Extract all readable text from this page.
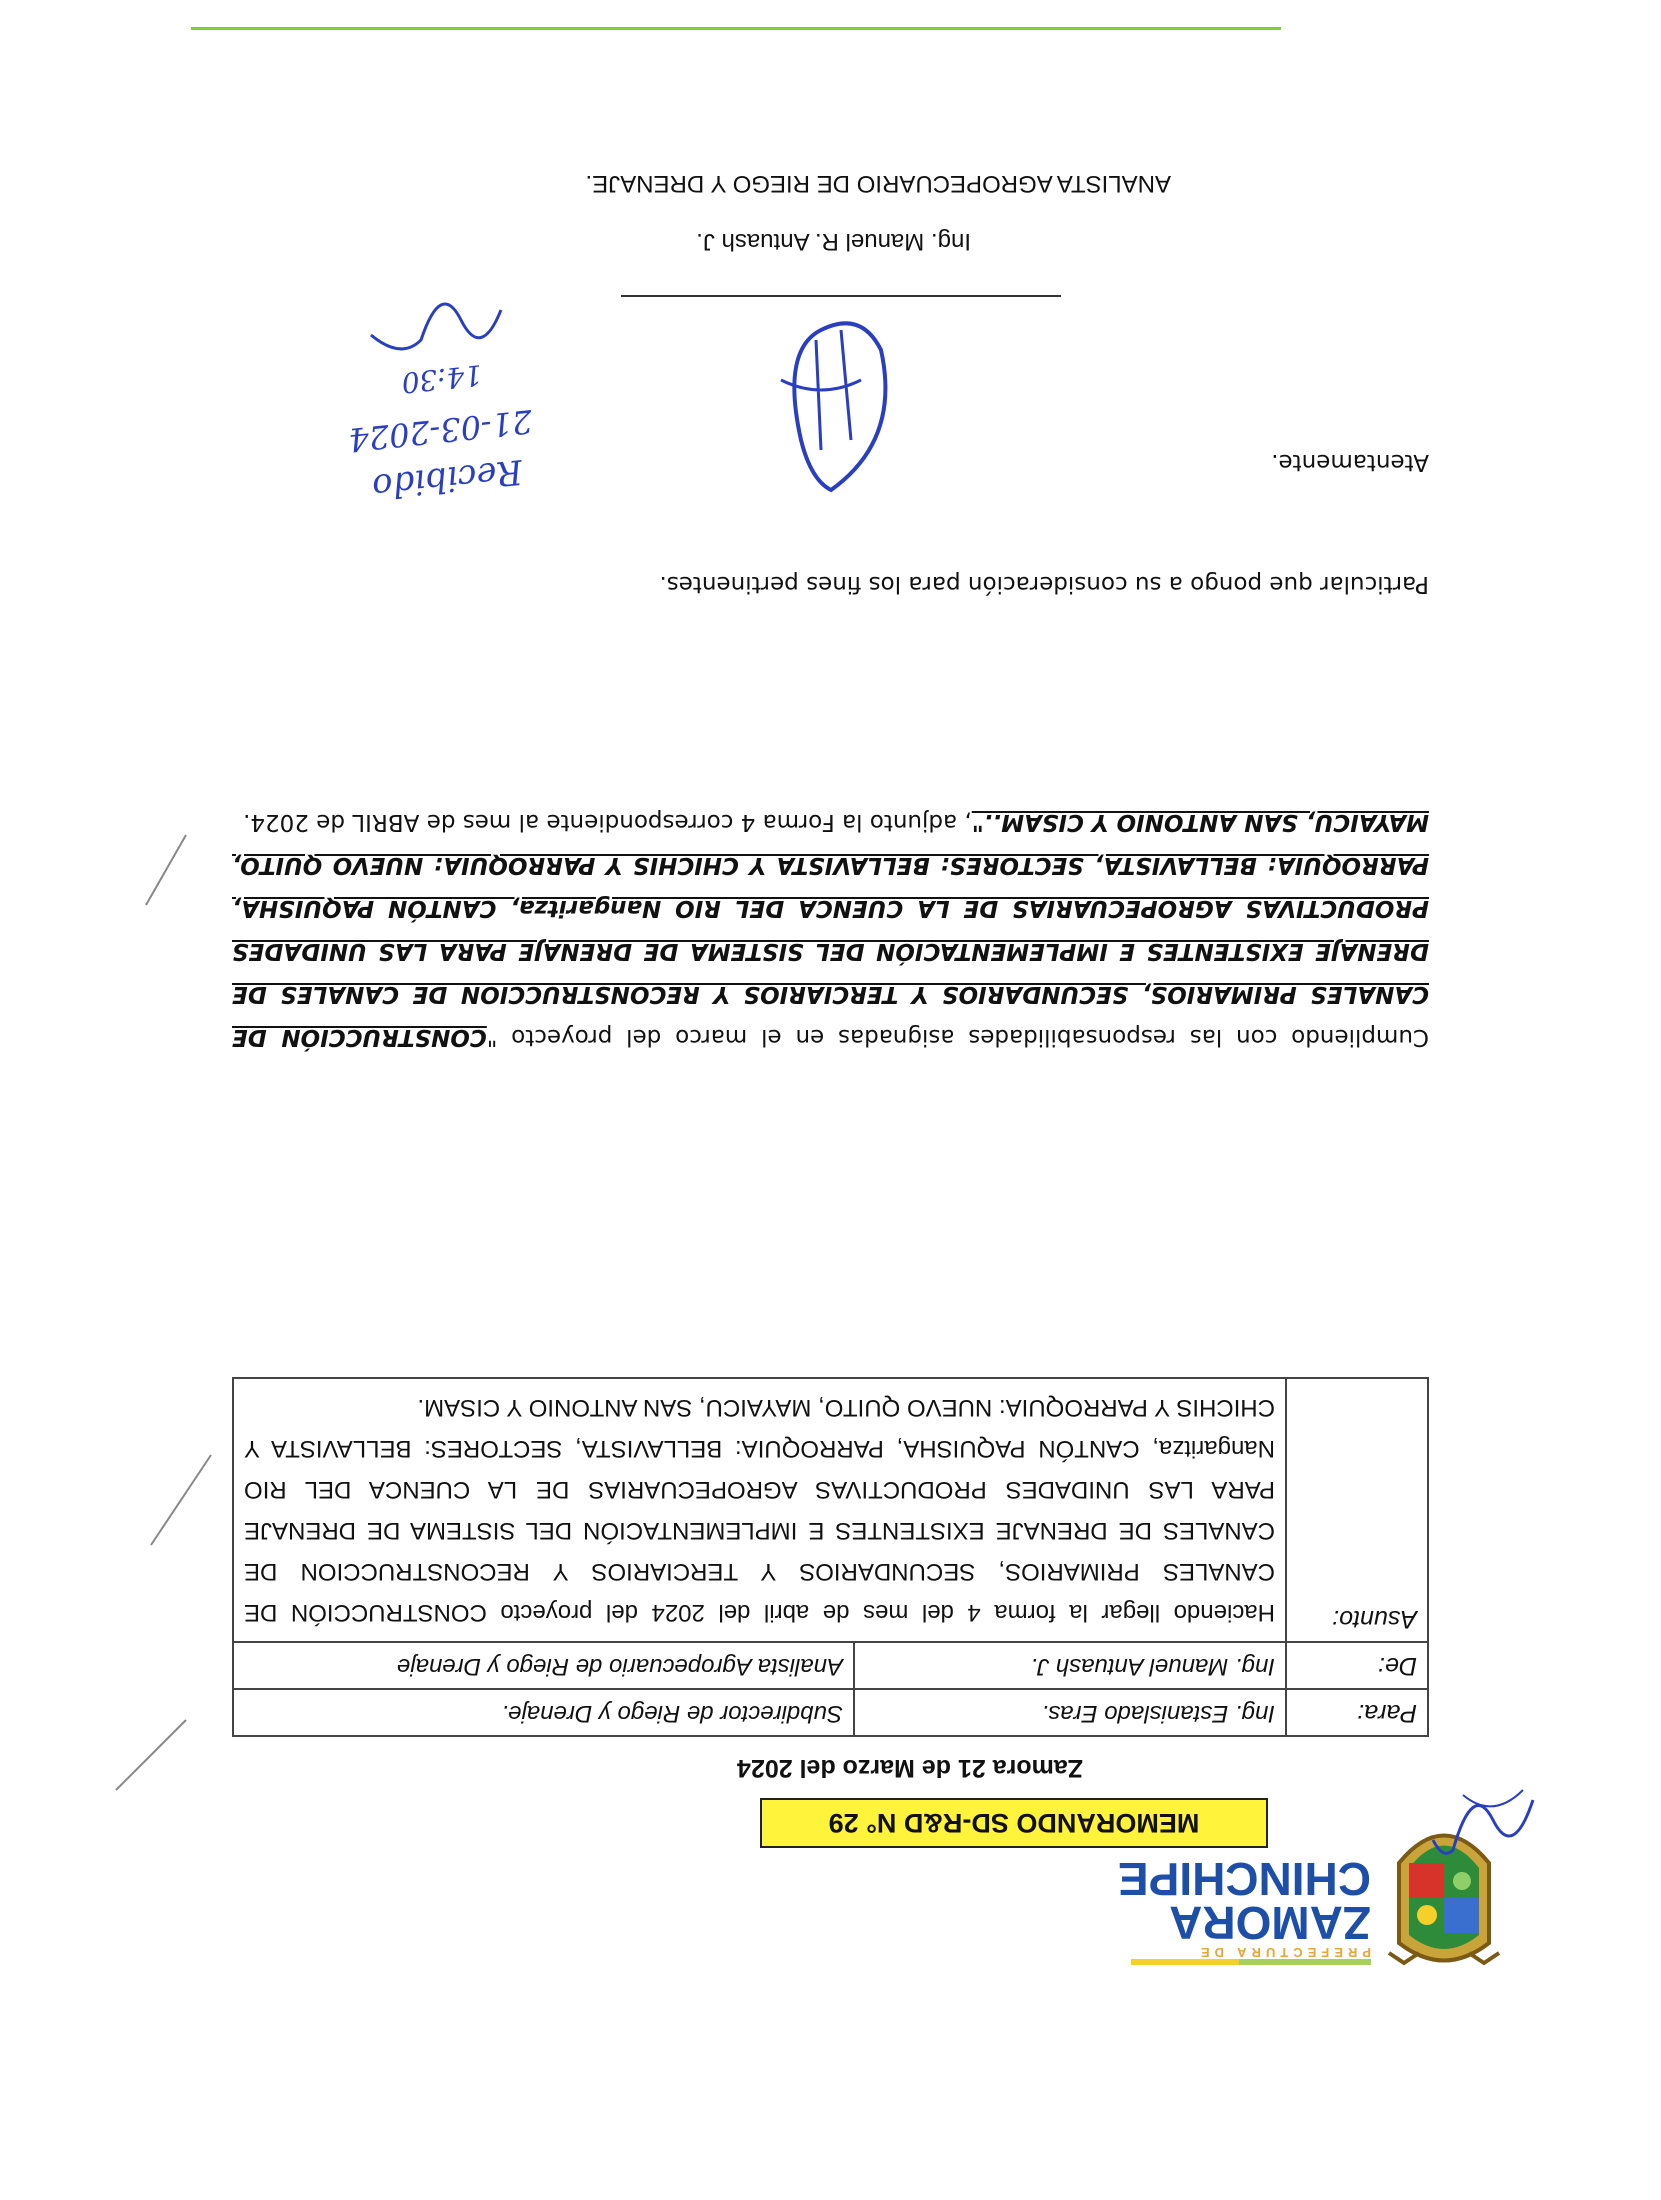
PREFECTURA DE
ZAMORA
CHINCHIPE
MEMORANDO SD-R&D N° 29
Zamora 21 de Marzo del 2024
Para:	Ing. Estanislado Eras.	Subdirector de Riego y Drenaje.
De:	Ing. Manuel Antuash J.	Analista Agropecuario de Riego y Drenaje
Asunto:	Haciendo llegar la forma 4 del mes de abril del 2024 del proyecto CONSTRUCCIÓN DE CANALES PRIMARIOS, SECUNDARIOS Y TERCIARIOS Y RECONSTRUCCION DE CANALES DE DRENAJE EXISTENTES E IMPLEMENTACIÓN DEL SISTEMA DE DRENAJE PARA LAS UNIDADES PRODUCTIVAS AGROPECUARIAS DE LA CUENCA DEL RIO Nangaritza, CANTÓN PAQUISHA, PARROQUIA: BELLAVISTA, SECTORES: BELLAVISTA Y CHICHIS Y PARROQUIA: NUEVO QUITO, MAYAICU, SAN ANTONIO Y CISAM.	
Cumpliendo con las responsabilidades asignadas en el marco del proyecto "CONSTRUCCIÓN DE CANALES PRIMARIOS, SECUNDARIOS Y TERCIARIOS Y RECONSTRUCCION DE CANALES DE DRENAJE EXISTENTES E IMPLEMENTACIÓN DEL SISTEMA DE DRENAJE PARA LAS UNIDADES PRODUCTIVAS AGROPECUARIAS DE LA CUENCA DEL RIO Nangaritza, CANTÓN PAQUISHA, PARROQUIA: BELLAVISTA, SECTORES: BELLAVISTA Y CHICHIS Y PARROQUIA: NUEVO QUITO, MAYAICU, SAN ANTONIO Y CISAM..", adjunto la Forma 4 correspondiente al mes de ABRIL de 2024.
Particular que pongo a su consideración para los fines pertinentes.
Atentamente.
Recibido
21-03-2024
14:30
Ing. Manuel R. Antuash J.
ANALISTA AGROPECUARIO DE RIEGO Y DRENAJE.
